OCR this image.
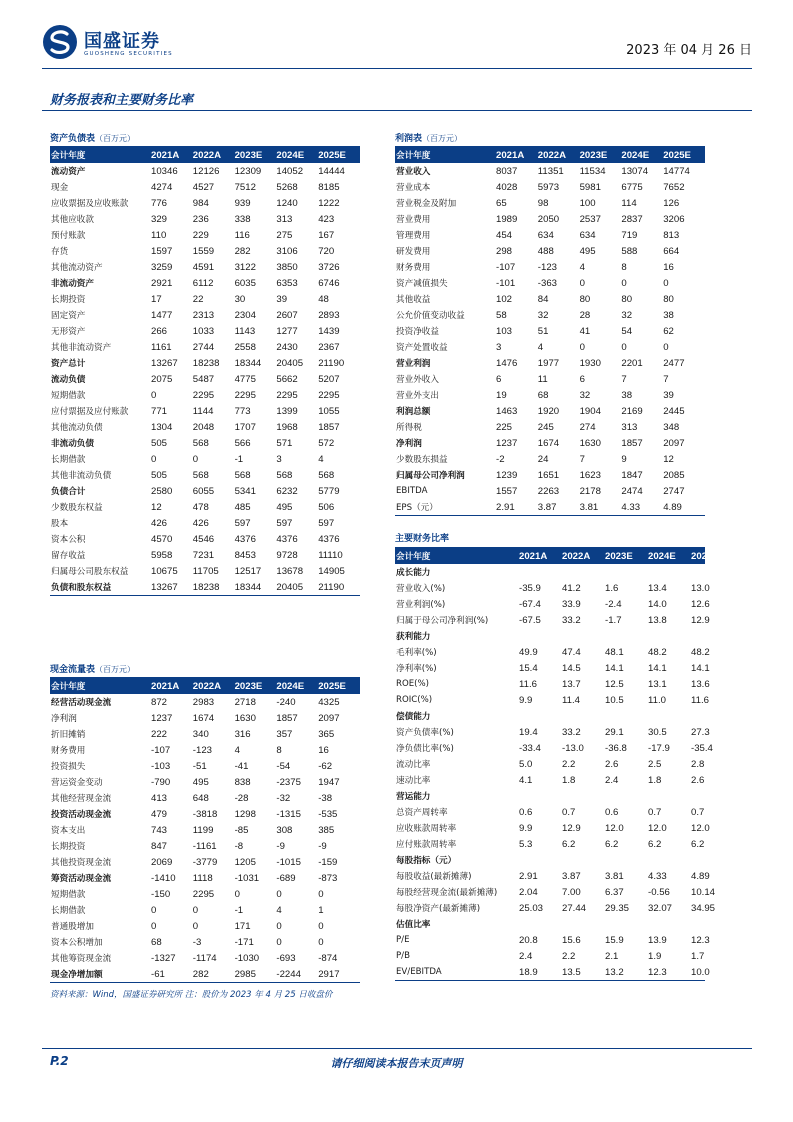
国盛证券
GUOSHENG SECURITIES	2023 年 04 月 26 日
财务报表和主要财务比率
资产负债表（百万元）
会计年度	2021A	2022A	2023E	2024E	2025E
流动资产	10346	12126	12309	14052	14444
现金	4274	4527	7512	5268	8185
应收票据及应收账款	776	984	939	1240	1222
其他应收款	329	236	338	313	423
预付账款	110	229	116	275	167
存货	1597	1559	282	3106	720
其他流动资产	3259	4591	3122	3850	3726
非流动资产	2921	6112	6035	6353	6746
长期投资	17	22	30	39	48
固定资产	1477	2313	2304	2607	2893
无形资产	266	1033	1143	1277	1439
其他非流动资产	1161	2744	2558	2430	2367
资产总计	13267	18238	18344	20405	21190
流动负债	2075	5487	4775	5662	5207
短期借款	0	2295	2295	2295	2295
应付票据及应付账款	771	1144	773	1399	1055
其他流动负债	1304	2048	1707	1968	1857
非流动负债	505	568	566	571	572
长期借款	0	0	-1	3	4
其他非流动负债	505	568	568	568	568
负债合计	2580	6055	5341	6232	5779
少数股东权益	12	478	485	495	506
股本	426	426	597	597	597
资本公积	4570	4546	4376	4376	4376
留存收益	5958	7231	8453	9728	11110
归属母公司股东权益	10675	11705	12517	13678	14905
负债和股东权益	13267	18238	18344	20405	21190
现金流量表（百万元）
会计年度	2021A	2022A	2023E	2024E	2025E
经营活动现金流	872	2983	2718	-240	4325
净利润	1237	1674	1630	1857	2097
折旧摊销	222	340	316	357	365
财务费用	-107	-123	4	8	16
投资损失	-103	-51	-41	-54	-62
营运资金变动	-790	495	838	-2375	1947
其他经营现金流	413	648	-28	-32	-38
投资活动现金流	479	-3818	1298	-1315	-535
资本支出	743	1199	-85	308	385
长期投资	847	-1161	-8	-9	-9
其他投资现金流	2069	-3779	1205	-1015	-159
筹资活动现金流	-1410	1118	-1031	-689	-873
短期借款	-150	2295	0	0	0
长期借款	0	0	-1	4	1
普通股增加	0	0	171	0	0
资本公积增加	68	-3	-171	0	0
其他筹资现金流	-1327	-1174	-1030	-693	-874
现金净增加额	-61	282	2985	-2244	2917
利润表（百万元）
会计年度	2021A	2022A	2023E	2024E	2025E
营业收入	8037	11351	11534	13074	14774
营业成本	4028	5973	5981	6775	7652
营业税金及附加	65	98	100	114	126
营业费用	1989	2050	2537	2837	3206
管理费用	454	634	634	719	813
研发费用	298	488	495	588	664
财务费用	-107	-123	4	8	16
资产减值损失	-101	-363	0	0	0
其他收益	102	84	80	80	80
公允价值变动收益	58	32	28	32	38
投资净收益	103	51	41	54	62
资产处置收益	3	4	0	0	0
营业利润	1476	1977	1930	2201	2477
营业外收入	6	11	6	7	7
营业外支出	19	68	32	38	39
利润总额	1463	1920	1904	2169	2445
所得税	225	245	274	313	348
净利润	1237	1674	1630	1857	2097
少数股东损益	-2	24	7	9	12
归属母公司净利润	1239	1651	1623	1847	2085
EBITDA	1557	2263	2178	2474	2747
EPS（元）	2.91	3.87	3.81	4.33	4.89
主要财务比率
会计年度	2021A	2022A	2023E	2024E	2025E
成长能力
营业收入(%)	-35.9	41.2	1.6	13.4	13.0
营业利润(%)	-67.4	33.9	-2.4	14.0	12.6
归属于母公司净利润(%)	-67.5	33.2	-1.7	13.8	12.9
获利能力
毛利率(%)	49.9	47.4	48.1	48.2	48.2
净利率(%)	15.4	14.5	14.1	14.1	14.1
ROE(%)	11.6	13.7	12.5	13.1	13.6
ROIC(%)	9.9	11.4	10.5	11.0	11.6
偿债能力
资产负债率(%)	19.4	33.2	29.1	30.5	27.3
净负债比率(%)	-33.4	-13.0	-36.8	-17.9	-35.4
流动比率	5.0	2.2	2.6	2.5	2.8
速动比率	4.1	1.8	2.4	1.8	2.6
营运能力
总资产周转率	0.6	0.7	0.6	0.7	0.7
应收账款周转率	9.9	12.9	12.0	12.0	12.0
应付账款周转率	5.3	6.2	6.2	6.2	6.2
每股指标（元）
每股收益(最新摊薄)	2.91	3.87	3.81	4.33	4.89
每股经营现金流(最新摊薄)	2.04	7.00	6.37	-0.56	10.14
每股净资产(最新摊薄)	25.03	27.44	29.35	32.07	34.95
估值比率
P/E	20.8	15.6	15.9	13.9	12.3
P/B	2.4	2.2	2.1	1.9	1.7
EV/EBITDA	18.9	13.5	13.2	12.3	10.0
资料来源：Wind，国盛证券研究所 注：股价为 2023 年 4 月 25 日收盘价
P.2	请仔细阅读本报告末页声明
